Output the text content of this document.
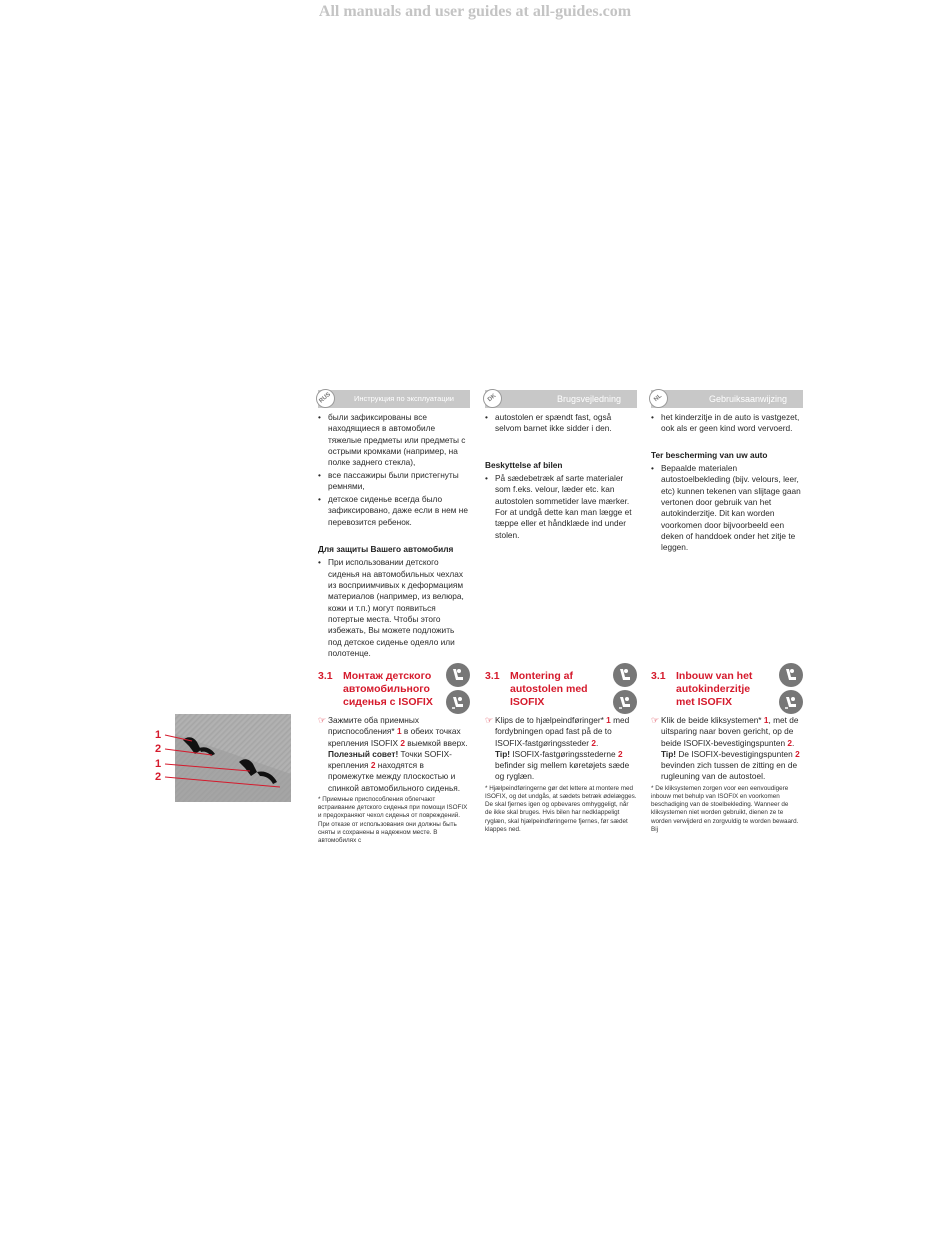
All manuals and user guides at all-guides.com
RUS	Инструкция по эксплуатации
• были зафиксированы все находящиеся в автомобиле тяжелые предметы или предметы с острыми кромками (например, на полке заднего стекла),
• все пассажиры были пристегнуты ремнями,
• детское сиденье всегда было зафиксировано, даже если в нем не перевозится ребенок.
Для защиты Вашего автомобиля
• При использовании детского сиденья на автомобильных чехлах из восприимчивых к деформациям материалов (например, из велюра, кожи и т.п.) могут появиться потертые места. Чтобы этого избежать, Вы можете подложить под детское сиденье одеяло или полотенце.
DK	Brugsvejledning
• autostolen er spændt fast, også selvom barnet ikke sidder i den.
Beskyttelse af bilen
• På sædebetræk af sarte materialer som f.eks. velour, læder etc. kan autostolen sommetider lave mærker. For at undgå dette kan man lægge et tæppe eller et håndklæde ind under stolen.
NL	Gebruiksaanwijzing
• het kinderzitje in de auto is vastgezet, ook als er geen kind word vervoerd.
Ter bescherming van uw auto
• Bepaalde materialen autostoelbekleding (bijv. velours, leer, etc) kunnen tekenen van slijtage gaan vertonen door gebruik van het autokinderzitje. Dit kan worden voorkomen door bijvoorbeeld een deken of handdoek onder het zitje te leggen.
3.1 Монтаж детского автомобильного сиденья с ISOFIX
☞ Зажмите оба приемных приспособления* 1 в обеих точках крепления ISOFIX 2 выемкой вверх.
Полезный совет! Точки SOFIX-крепления 2 находятся в промежутке между плоскостью и спинкой автомобильного сиденья.
* Приемные приспособления облегчают встраивание детского сиденья при помощи ISOFIX и предохраняют чехол сиденья от повреждений. При отказе от использования они должны быть сняты и сохранены в надежном месте. В автомобилях с
3.1 Montering af autostolen med ISOFIX
☞ Klips de to hjælpeindføringer* 1 med fordybningen opad fast på de to ISOFIX-fastgøringssteder 2.
Tip! ISOFIX-fastgøringsstederne 2 befinder sig mellem køretøjets sæde og ryglæn.
* Hjælpeindføringerne gør det lettere at montere med ISOFIX, og det undgås, at sædets betræk ødelægges. De skal fjernes igen og opbevares omhyggeligt, når de ikke skal bruges. Hvis bilen har nedklappeligt ryglæn, skal hjælpeindføringerne fjernes, før sædet klappes ned.
3.1 Inbouw van het autokinderzitje met ISOFIX
☞ Klik de beide kliksystemen* 1, met de uitsparing naar boven gericht, op de beide ISOFIX-bevestigingspunten 2.
Tip! De ISOFIX-bevestigingspunten 2 bevinden zich tussen de zitting en de rugleuning van de autostoel.
* De kliksystemen zorgen voor een eenvoudigere inbouw met behulp van ISOFIX en voorkomen beschadiging van de stoelbekleding. Wanneer de kliksystemen niet worden gebruikt, dienen ze te worden verwijderd en zorgvuldig te worden bewaard. Bij
1
2
1
2
